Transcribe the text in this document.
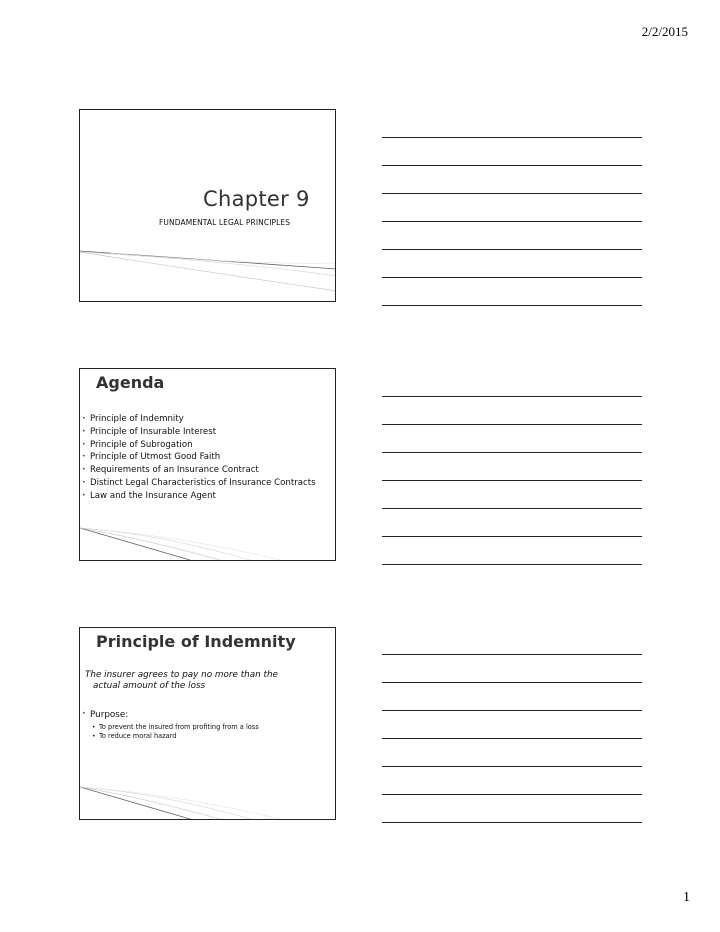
2/2/2015
Chapter 9
FUNDAMENTAL LEGAL PRINCIPLES
Agenda
• Principle of Indemnity
• Principle of Insurable Interest
• Principle of Subrogation
• Principle of Utmost Good Faith
• Requirements of an Insurance Contract
• Distinct Legal Characteristics of Insurance Contracts
• Law and the Insurance Agent
Principle of Indemnity
The insurer agrees to pay no more than the
actual amount of the loss
• Purpose:
• To prevent the insured from profiting from a loss
• To reduce moral hazard
1
